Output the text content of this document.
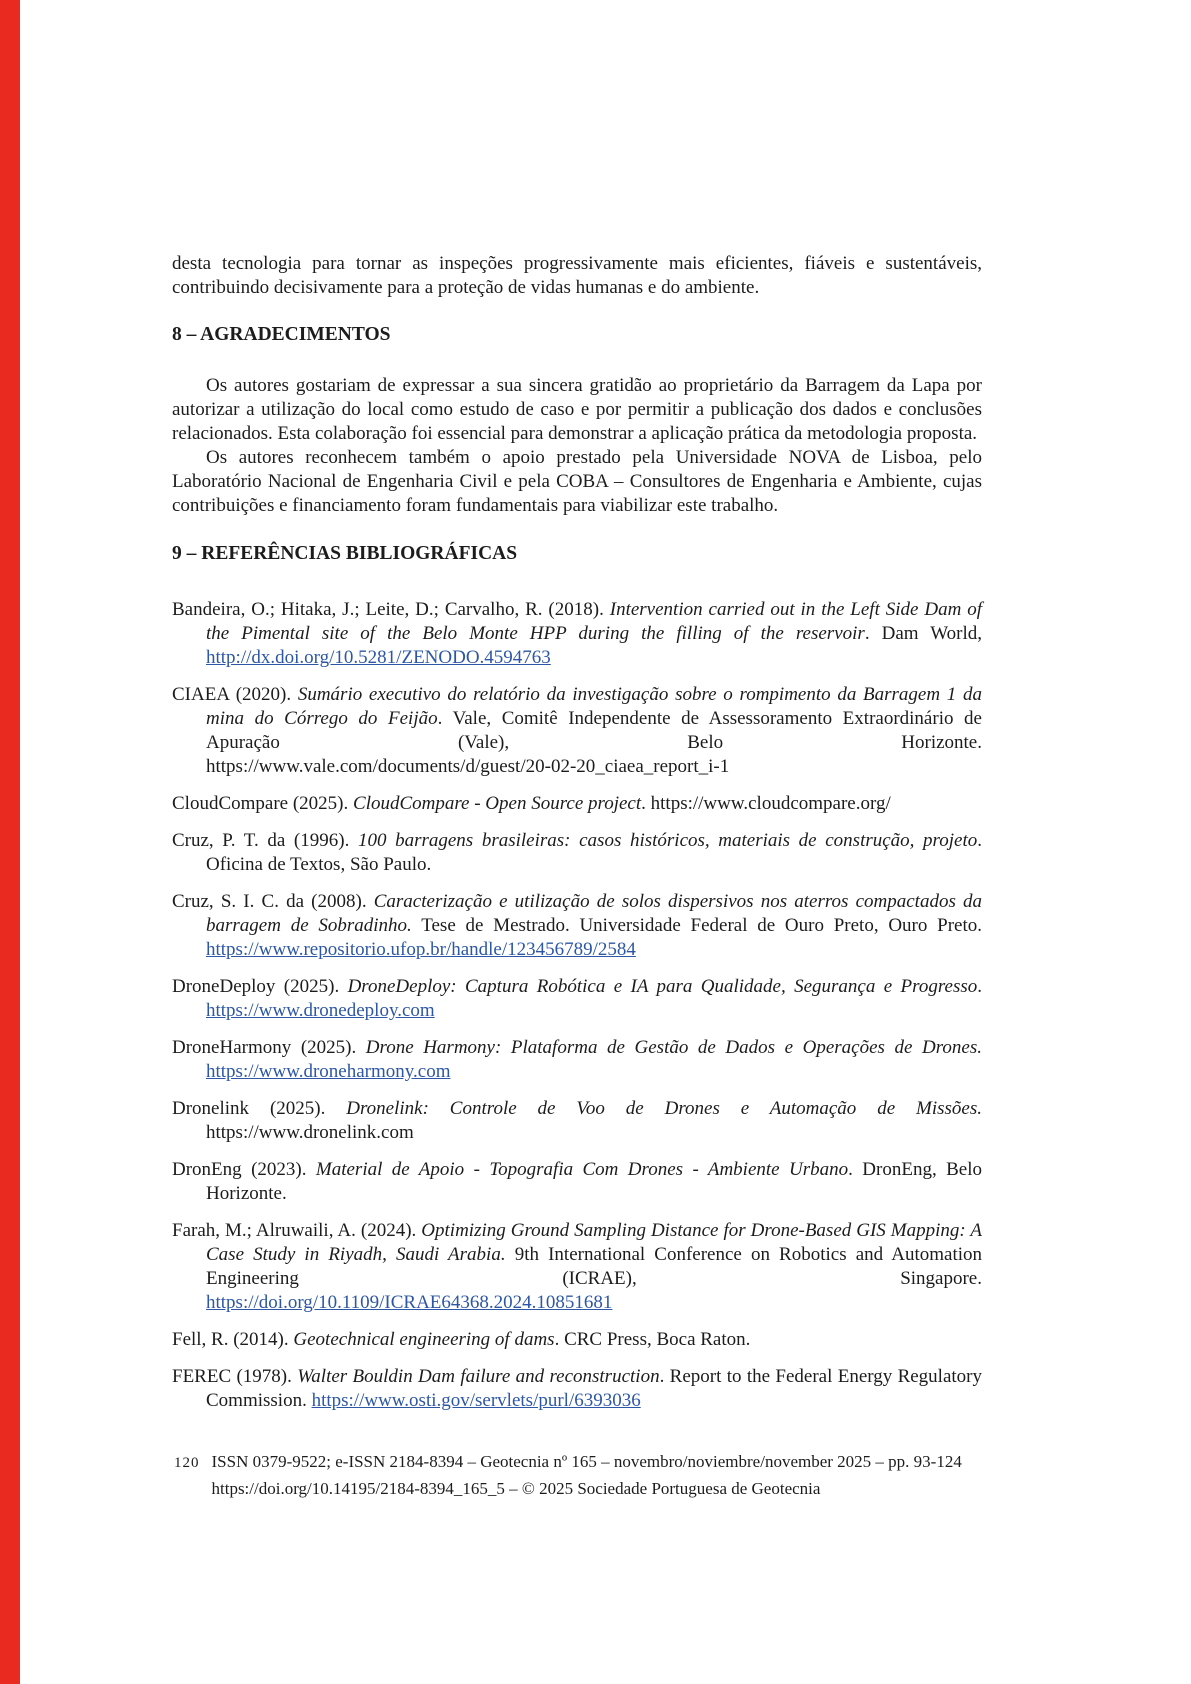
desta tecnologia para tornar as inspeções progressivamente mais eficientes, fiáveis e sustentáveis, contribuindo decisivamente para a proteção de vidas humanas e do ambiente.

8 – AGRADECIMENTOS

Os autores gostariam de expressar a sua sincera gratidão ao proprietário da Barragem da Lapa por autorizar a utilização do local como estudo de caso e por permitir a publicação dos dados e conclusões relacionados. Esta colaboração foi essencial para demonstrar a aplicação prática da metodologia proposta.

Os autores reconhecem também o apoio prestado pela Universidade NOVA de Lisboa, pelo Laboratório Nacional de Engenharia Civil e pela COBA – Consultores de Engenharia e Ambiente, cujas contribuições e financiamento foram fundamentais para viabilizar este trabalho.

9 – REFERÊNCIAS BIBLIOGRÁFICAS
Bandeira, O.; Hitaka, J.; Leite, D.; Carvalho, R. (2018). Intervention carried out in the Left Side Dam of the Pimental site of the Belo Monte HPP during the filling of the reservoir. Dam World,
http://dx.doi.org/10.5281/ZENODO.4594763
CIAEA (2020). Sumário executivo do relatório da investigação sobre o rompimento da Barragem 1 da mina do Córrego do Feijão. Vale, Comitê Independente de Assessoramento Extraordinário de Apuração (Vale), Belo Horizonte.
https://www.vale.com/documents/d/guest/20-02-20_ciaea_report_i-1
CloudCompare (2025). CloudCompare - Open Source project. https://www.cloudcompare.org/
Cruz, P. T. da (1996). 100 barragens brasileiras: casos históricos, materiais de construção, projeto. Oficina de Textos, São Paulo.
Cruz, S. I. C. da (2008). Caracterização e utilização de solos dispersivos nos aterros compactados da barragem de Sobradinho. Tese de Mestrado. Universidade Federal de Ouro Preto, Ouro Preto. https://www.repositorio.ufop.br/handle/123456789/2584
DroneDeploy (2025). DroneDeploy: Captura Robótica e IA para Qualidade, Segurança e Progresso. https://www.dronedeploy.com
DroneHarmony (2025). Drone Harmony: Plataforma de Gestão de Dados e Operações de Drones.
https://www.droneharmony.com
Dronelink (2025). Dronelink: Controle de Voo de Drones e Automação de Missões.
https://www.dronelink.com
DronEng (2023). Material de Apoio - Topografia Com Drones - Ambiente Urbano. DronEng, Belo Horizonte.
Farah, M.; Alruwaili, A. (2024). Optimizing Ground Sampling Distance for Drone-Based GIS Mapping: A Case Study in Riyadh, Saudi Arabia. 9th International Conference on Robotics and Automation Engineering (ICRAE), Singapore.
https://doi.org/10.1109/ICRAE64368.2024.10851681
Fell, R. (2014). Geotechnical engineering of dams. CRC Press, Boca Raton.
FEREC (1978). Walter Bouldin Dam failure and reconstruction. Report to the Federal Energy Regulatory Commission. https://www.osti.gov/servlets/purl/6393036
120 ISSN 0379-9522; e-ISSN 2184-8394 – Geotecnia nº 165 – novembro/noviembre/november 2025 – pp. 93-124
https://doi.org/10.14195/2184-8394_165_5 – © 2025 Sociedade Portuguesa de Geotecnia
